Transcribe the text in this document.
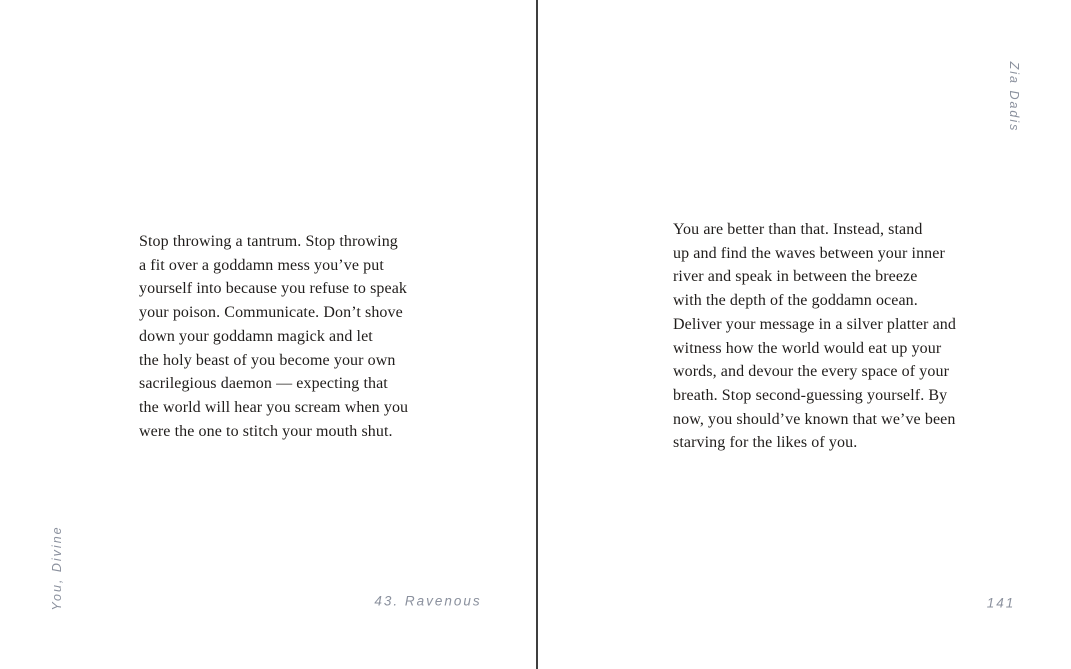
You, Divine
Stop throwing a tantrum. Stop throwing
a fit over a goddamn mess you’ve put
yourself into because you refuse to speak
your poison. Communicate. Don’t shove
down your goddamn magick and let
the holy beast of you become your own
sacrilegious daemon — expecting that
the world will hear you scream when you
were the one to stitch your mouth shut.
43. Ravenous
Zia Dadis
You are better than that. Instead, stand
up and find the waves between your inner
river and speak in between the breeze
with the depth of the goddamn ocean.
Deliver your message in a silver platter and
witness how the world would eat up your
words, and devour the every space of your
breath. Stop second-guessing yourself. By
now, you should’ve known that we’ve been
starving for the likes of you.
141
